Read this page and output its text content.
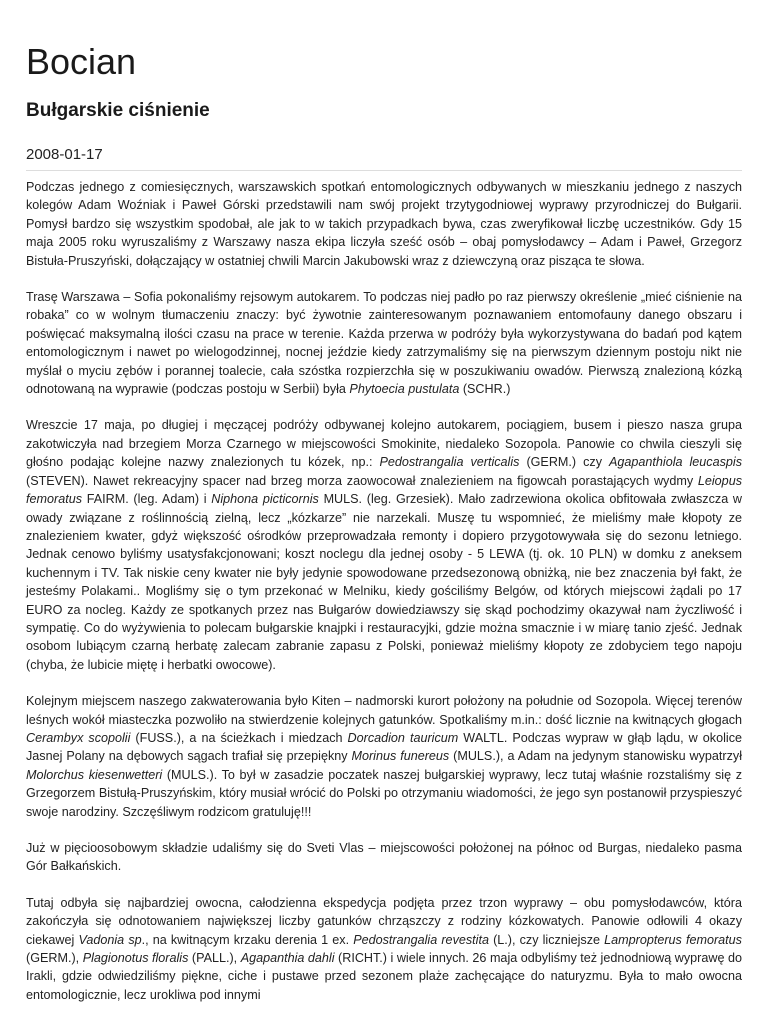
Bocian
Bułgarskie ciśnienie
2008-01-17

Podczas jednego z comiesięcznych, warszawskich spotkań entomologicznych odbywanych w mieszkaniu jednego z naszych kolegów Adam Woźniak i Paweł Górski przedstawili nam swój projekt trzytygodniowej wyprawy przyrodniczej do Bułgarii. Pomysł bardzo się wszystkim spodobał, ale jak to w takich przypadkach bywa, czas zweryfikował liczbę uczestników. Gdy 15 maja 2005 roku wyruszaliśmy z Warszawy nasza ekipa liczyła sześć osób – obaj pomysłodawcy – Adam i Paweł, Grzegorz Bistuła-Pruszyński, dołączający w ostatniej chwili Marcin Jakubowski wraz z dziewczyną oraz pisząca te słowa.

Trasę Warszawa – Sofia pokonaliśmy rejsowym autokarem. To podczas niej padło po raz pierwszy określenie „mieć ciśnienie na robaka” co w wolnym tłumaczeniu znaczy: być żywotnie zainteresowanym poznawaniem entomofauny danego obszaru i poświęcać maksymalną ilości czasu na prace w terenie. Każda przerwa w podróży była wykorzystywana do badań pod kątem entomologicznym i nawet po wielogodzinnej, nocnej jeździe kiedy zatrzymaliśmy się na pierwszym dziennym postoju nikt nie myślał o myciu zębów i porannej toalecie, cała szóstka rozpierzchła się w poszukiwaniu owadów. Pierwszą znalezioną kózką odnotowaną na wyprawie (podczas postoju w Serbii) była Phytoecia pustulata (SCHR.)

Wreszcie 17 maja, po długiej i męczącej podróży odbywanej kolejno autokarem, pociągiem, busem i pieszo nasza grupa zakotwiczyła nad brzegiem Morza Czarnego w miejscowości Smokinite, niedaleko Sozopola. Panowie co chwila cieszyli się głośno podając kolejne nazwy znalezionych tu kózek, np.: Pedostrangalia verticalis (GERM.) czy Agapanthiola leucaspis (STEVEN). Nawet rekreacyjny spacer nad brzeg morza zaowocował znalezieniem na figowcah porastających wydmy Leiopus femoratus FAIRM. (leg. Adam) i Niphona picticornis MULS. (leg. Grzesiek). Mało zadrzewiona okolica obfitowała zwłaszcza w owady związane z roślinnością zielną, lecz „kózkarze” nie narzekali. Muszę tu wspomnieć, że mieliśmy małe kłopoty ze znalezieniem kwater, gdyż większość ośrodków przeprowadzała remonty i dopiero przygotowywała się do sezonu letniego. Jednak cenowo byliśmy usatysfakcjonowani; koszt noclegu dla jednej osoby - 5 LEWA (tj. ok. 10 PLN) w domku z aneksem kuchennym i TV. Tak niskie ceny kwater nie były jedynie spowodowane przedsezonową obniżką, nie bez znaczenia był fakt, że jesteśmy Polakami.. Mogliśmy się o tym przekonać w Melniku, kiedy gościliśmy Belgów, od których miejscowi żądali po 17 EURO za nocleg. Każdy ze spotkanych przez nas Bułgarów dowiedziawszy się skąd pochodzimy okazywał nam życzliwość i sympatię. Co do wyżywienia to polecam bułgarskie knajpki i restauracyjki, gdzie można smacznie i w miarę tanio zjeść. Jednak osobom lubiącym czarną herbatę zalecam zabranie zapasu z Polski, ponieważ mieliśmy kłopoty ze zdobyciem tego napoju (chyba, że lubicie miętę i herbatki owocowe).

Kolejnym miejscem naszego zakwaterowania było Kiten – nadmorski kurort położony na południe od Sozopola. Więcej terenów leśnych wokół miasteczka pozwoliło na stwierdzenie kolejnych gatunków. Spotkaliśmy m.in.: dość licznie na kwitnących głogach Cerambyx scopolii (FUSS.), a na ścieżkach i miedzach Dorcadion tauricum WALTL. Podczas wypraw w głąb lądu, w okolice Jasnej Polany na dębowych sągach trafiał się przepiękny Morinus funereus (MULS.), a Adam na jedynym stanowisku wypatrzył Molorchus kiesenwetteri (MULS.). To był w zasadzie poczatek naszej bułgarskiej wyprawy, lecz tutaj właśnie rozstaliśmy się z Grzegorzem Bistułą-Pruszyńskim, który musiał wrócić do Polski po otrzymaniu wiadomości, że jego syn postanowił przyspieszyć swoje narodziny. Szczęśliwym rodzicom gratuluję!!!

Już w pięcioosobowym składzie udaliśmy się do Sveti Vlas – miejscowości położonej na północ od Burgas, niedaleko pasma Gór Bałkańskich.

Tutaj odbyła się najbardziej owocna, całodzienna ekspedycja podjęta przez trzon wyprawy – obu pomysłodawców, która zakończyła się odnotowaniem największej liczby gatunków chrząszczy z rodziny kózkowatych. Panowie odłowili 4 okazy ciekawej Vadonia sp., na kwitnącym krzaku derenia 1 ex. Pedostrangalia revestita (L.), czy liczniejsze Lampropterus femoratus (GERM.), Plagionotus floralis (PALL.), Agapanthia dahli (RICHT.) i wiele innych. 26 maja odbyliśmy też jednodniową wyprawę do Irakli, gdzie odwiedziliśmy piękne, ciche i pustawe przed sezonem plaże zachęcające do naturyzmu. Była to mało owocna entomologicznie, lecz urokliwa pod innymi
